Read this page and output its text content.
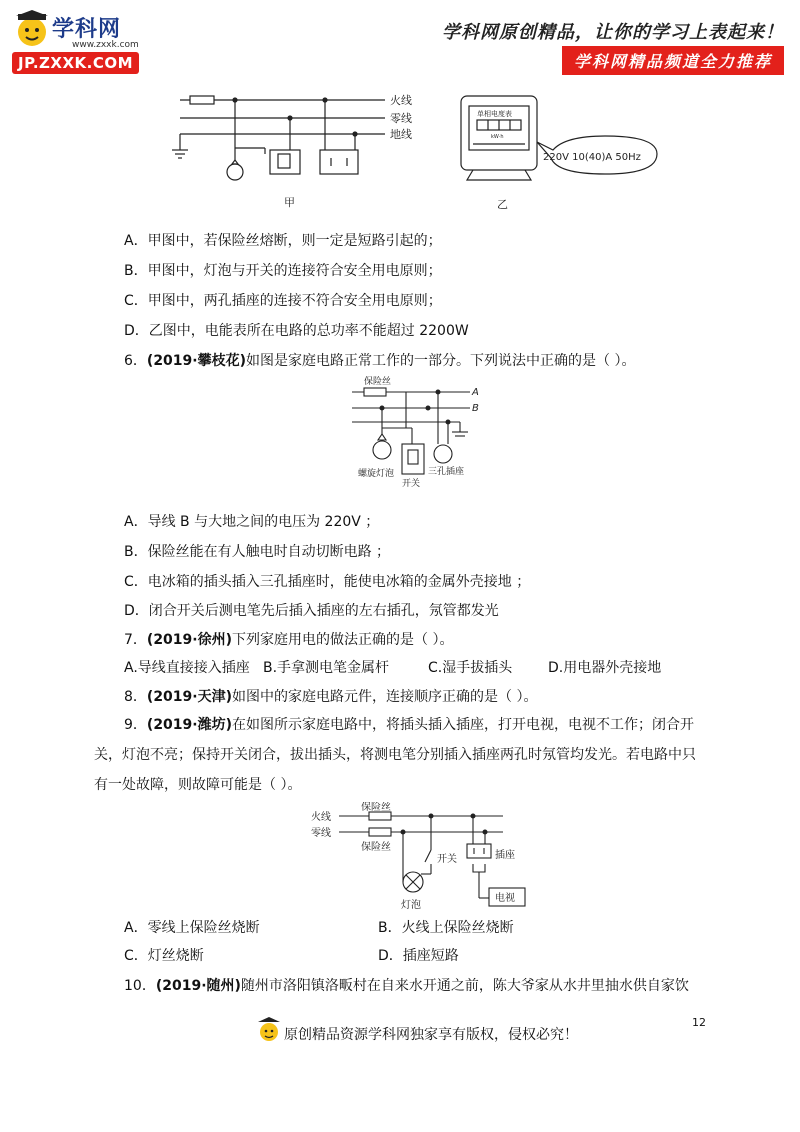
学科网
www.zxxk.com
JP.ZXXK.COM
学科网原创精品，让你的学习上表起来！
学科网精品频道全力推荐
火线
零线
地线
甲
单相电度表
kW·h
220V 10(40)A 50Hz
乙
A．甲图中，若保险丝熔断，则一定是短路引起的；
B．甲图中，灯泡与开关的连接符合安全用电原则；
C．甲图中，两孔插座的连接不符合安全用电原则；
D．乙图中，电能表所在电路的总功率不能超过 2200W
6．(2019·攀枝花)如图是家庭电路正常工作的一部分。下列说法中正确的是（ ）。
保险丝
A
B
螺旋灯泡
开关
三孔插座
A．导线 B 与大地之间的电压为 220V ；
B．保险丝能在有人触电时自动切断电路 ；
C．电冰箱的插头插入三孔插座时，能使电冰箱的金属外壳接地 ；
D．闭合开关后测电笔先后插入插座的左右插孔，氖管都发光
7．(2019·徐州)下列家庭用电的做法正确的是（ ）。
A.导线直接接入插座 B.手拿测电笔金属杆	C.湿手拔插头	D.用电器外壳接地
8．(2019·天津)如图中的家庭电路元件，连接顺序正确的是（ ）。
9．(2019·潍坊)在如图所示家庭电路中，将插头插入插座，打开电视，电视不工作；闭合开
关，灯泡不亮；保持开关闭合，拔出插头，将测电笔分别插入插座两孔时氖管均发光。若电路中只
有一处故障，则故障可能是（ ）。
火线
零线
保险丝
保险丝
开关	插座
灯泡
电视
A．零线上保险丝烧断	B．火线上保险丝烧断
C．灯丝烧断	D．插座短路
10．(2019·随州)随州市洛阳镇洛畈村在自来水开通之前，陈大爷家从水井里抽水供自家饮
12
原创精品资源学科网独家享有版权，侵权必究！
